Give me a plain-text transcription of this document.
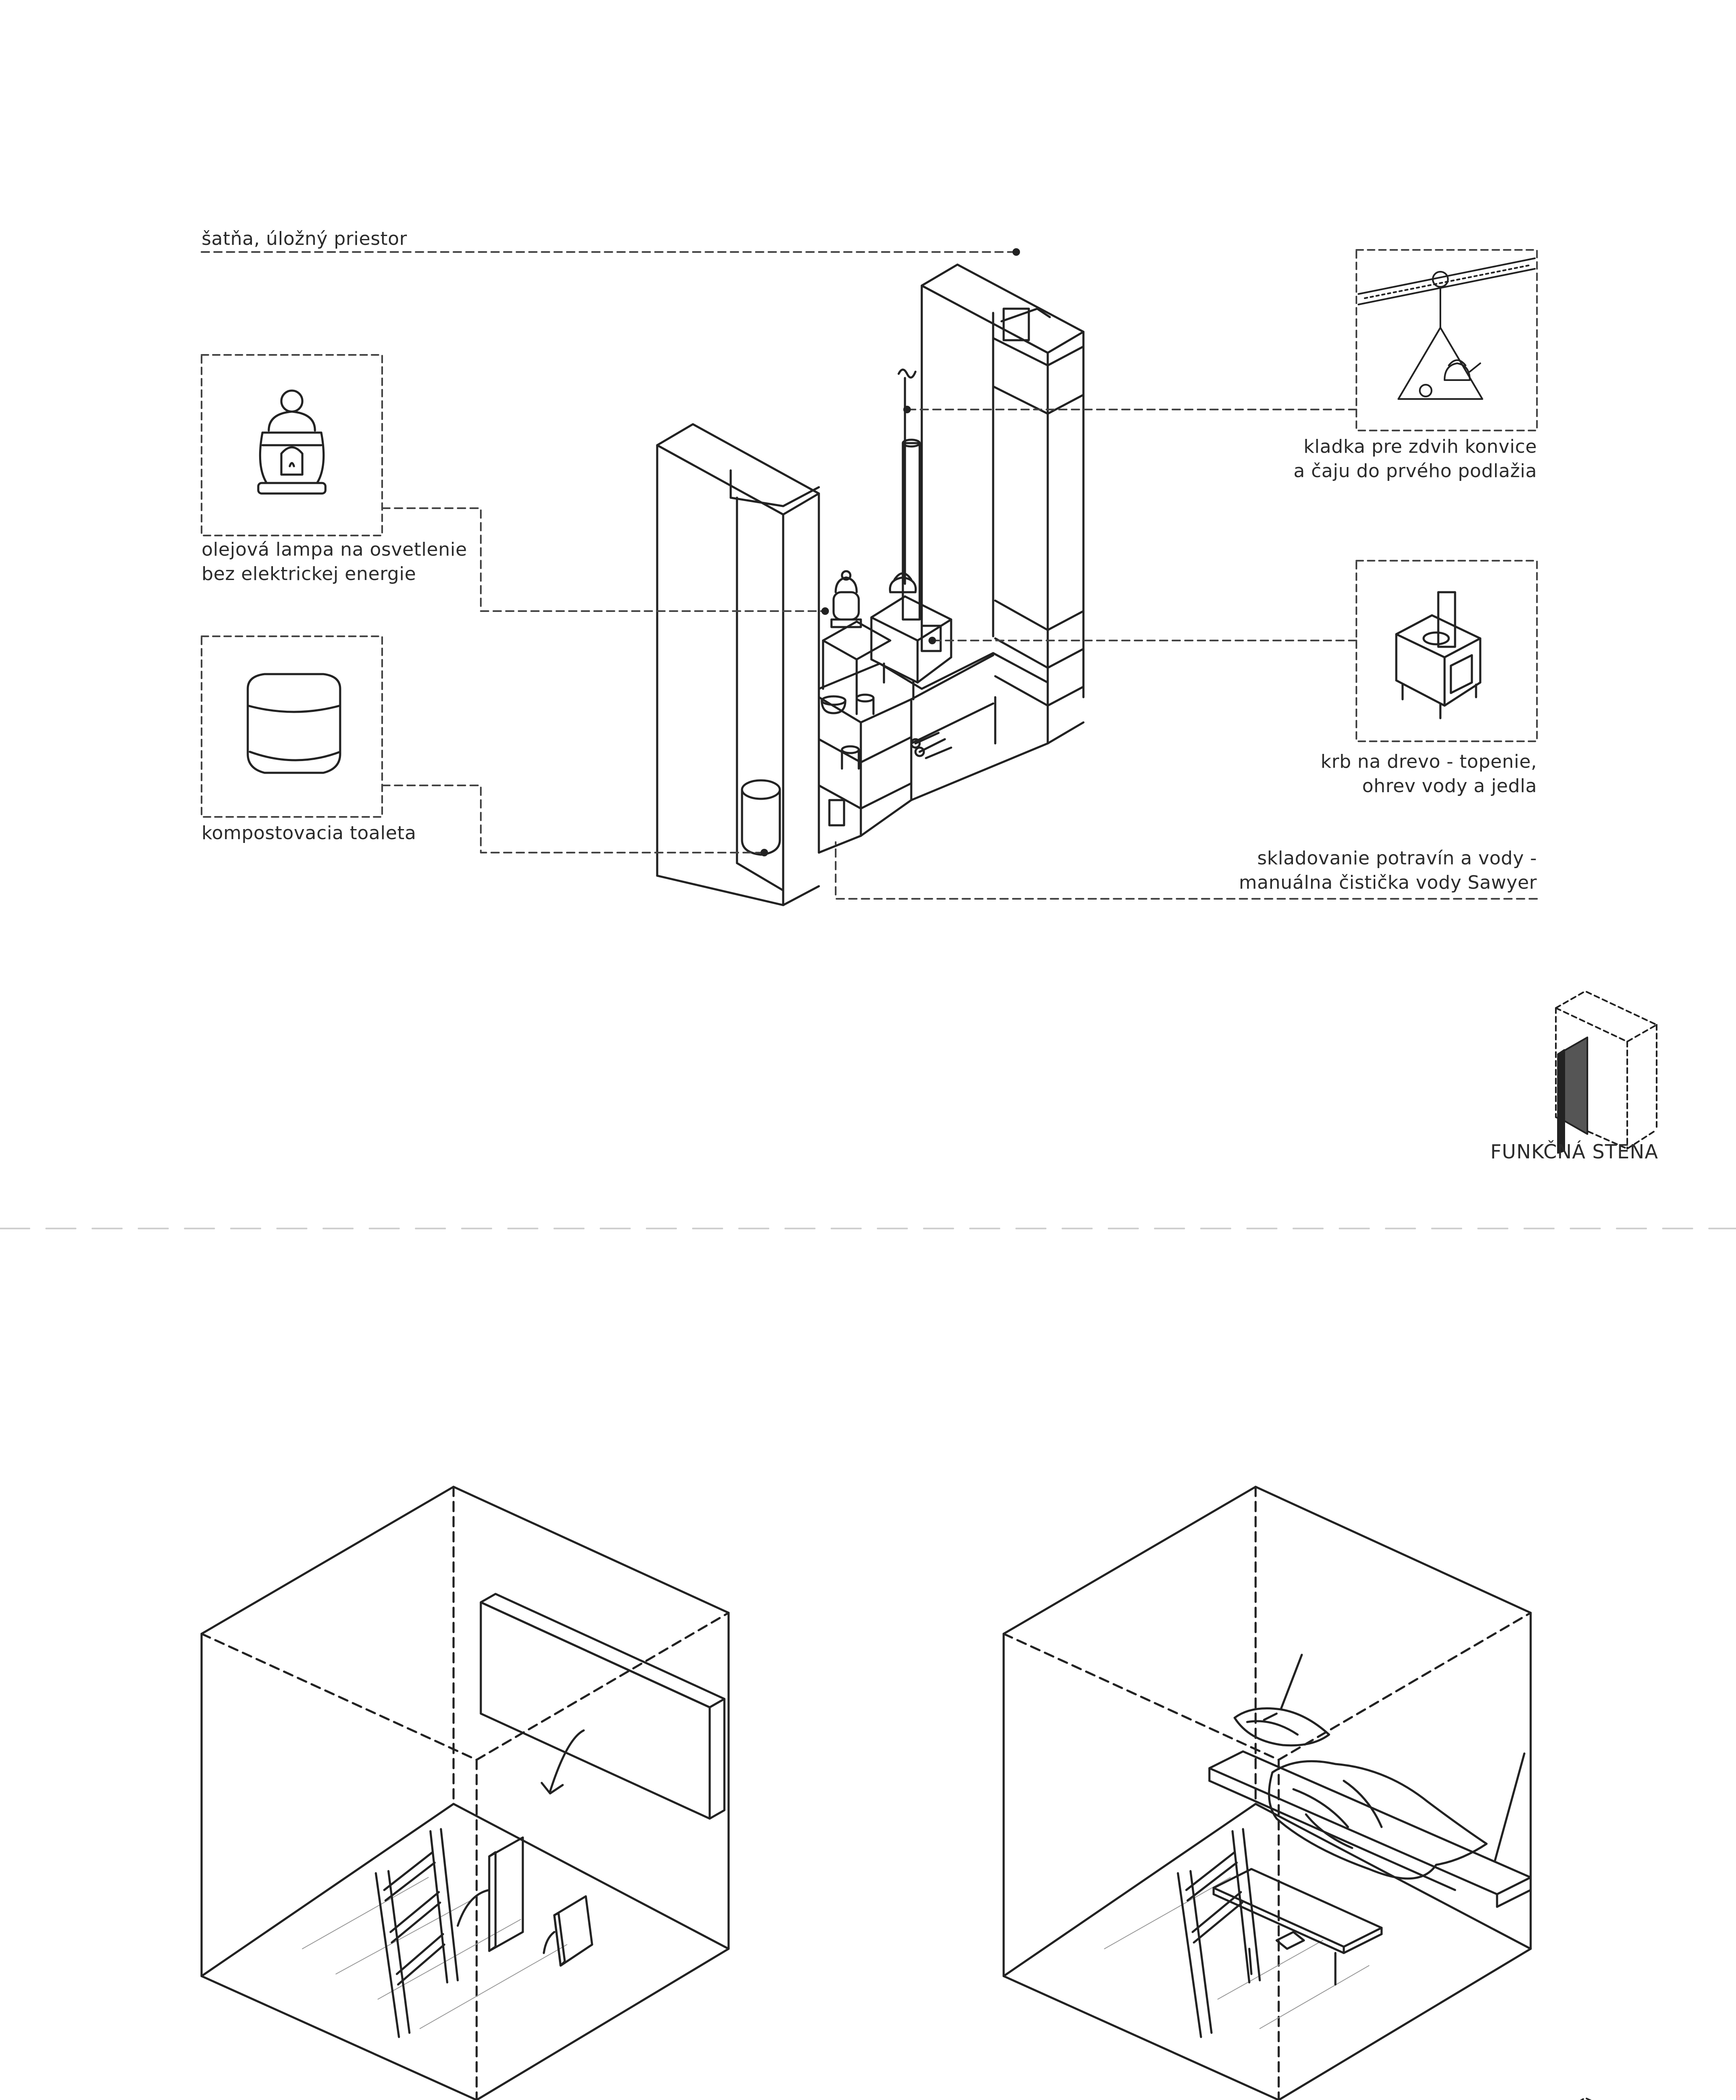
šatňa, úložný priestor
olejová lampa na osvetlenie
bez elektrickej energie
kompostovacia toaleta
kladka pre zdvih konvice
a čaju do prvého podlažia
krb na drevo - topenie,
ohrev vody a jedla
skladovanie potravín a vody -
manuálna čistička vody Sawyer
FUNKČNÁ STENA
